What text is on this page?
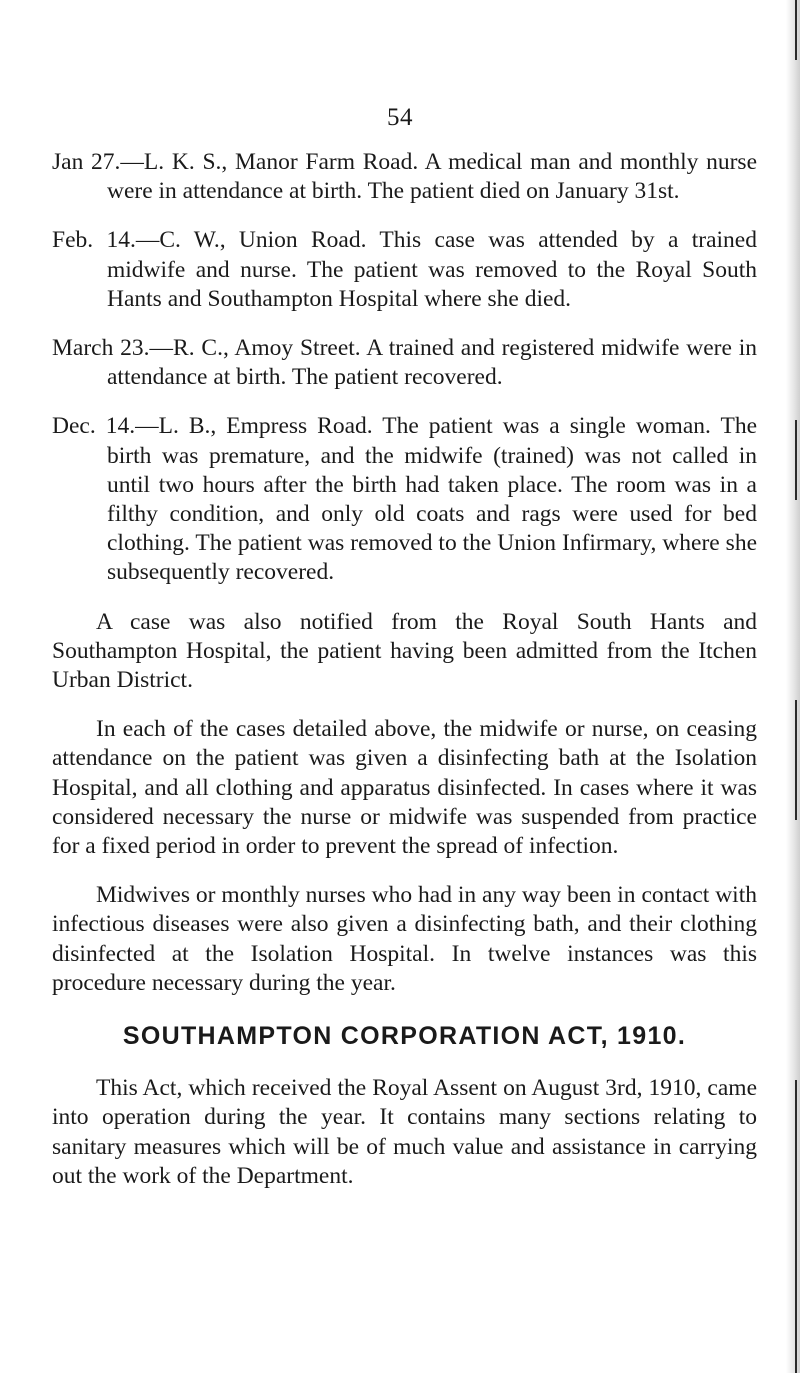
54

Jan 27.—L. K. S., Manor Farm Road. A medical man and monthly nurse were in attendance at birth. The patient died on January 31st.

Feb. 14.—C. W., Union Road. This case was attended by a trained midwife and nurse. The patient was removed to the Royal South Hants and Southampton Hospital where she died.

March 23.—R. C., Amoy Street. A trained and registered midwife were in attendance at birth. The patient recovered.

Dec. 14.—L. B., Empress Road. The patient was a single woman. The birth was premature, and the midwife (trained) was not called in until two hours after the birth had taken place. The room was in a filthy condition, and only old coats and rags were used for bed clothing. The patient was removed to the Union Infirmary, where she subsequently recovered.

A case was also notified from the Royal South Hants and Southampton Hospital, the patient having been admitted from the Itchen Urban District.

In each of the cases detailed above, the midwife or nurse, on ceasing attendance on the patient was given a disinfecting bath at the Isolation Hospital, and all clothing and apparatus disinfected. In cases where it was considered necessary the nurse or midwife was suspended from practice for a fixed period in order to prevent the spread of infection.

Midwives or monthly nurses who had in any way been in contact with infectious diseases were also given a disinfecting bath, and their clothing disinfected at the Isolation Hospital. In twelve instances was this procedure necessary during the year.

SOUTHAMPTON CORPORATION ACT, 1910.

This Act, which received the Royal Assent on August 3rd, 1910, came into operation during the year. It contains many sections relating to sanitary measures which will be of much value and assistance in carrying out the work of the Department.
